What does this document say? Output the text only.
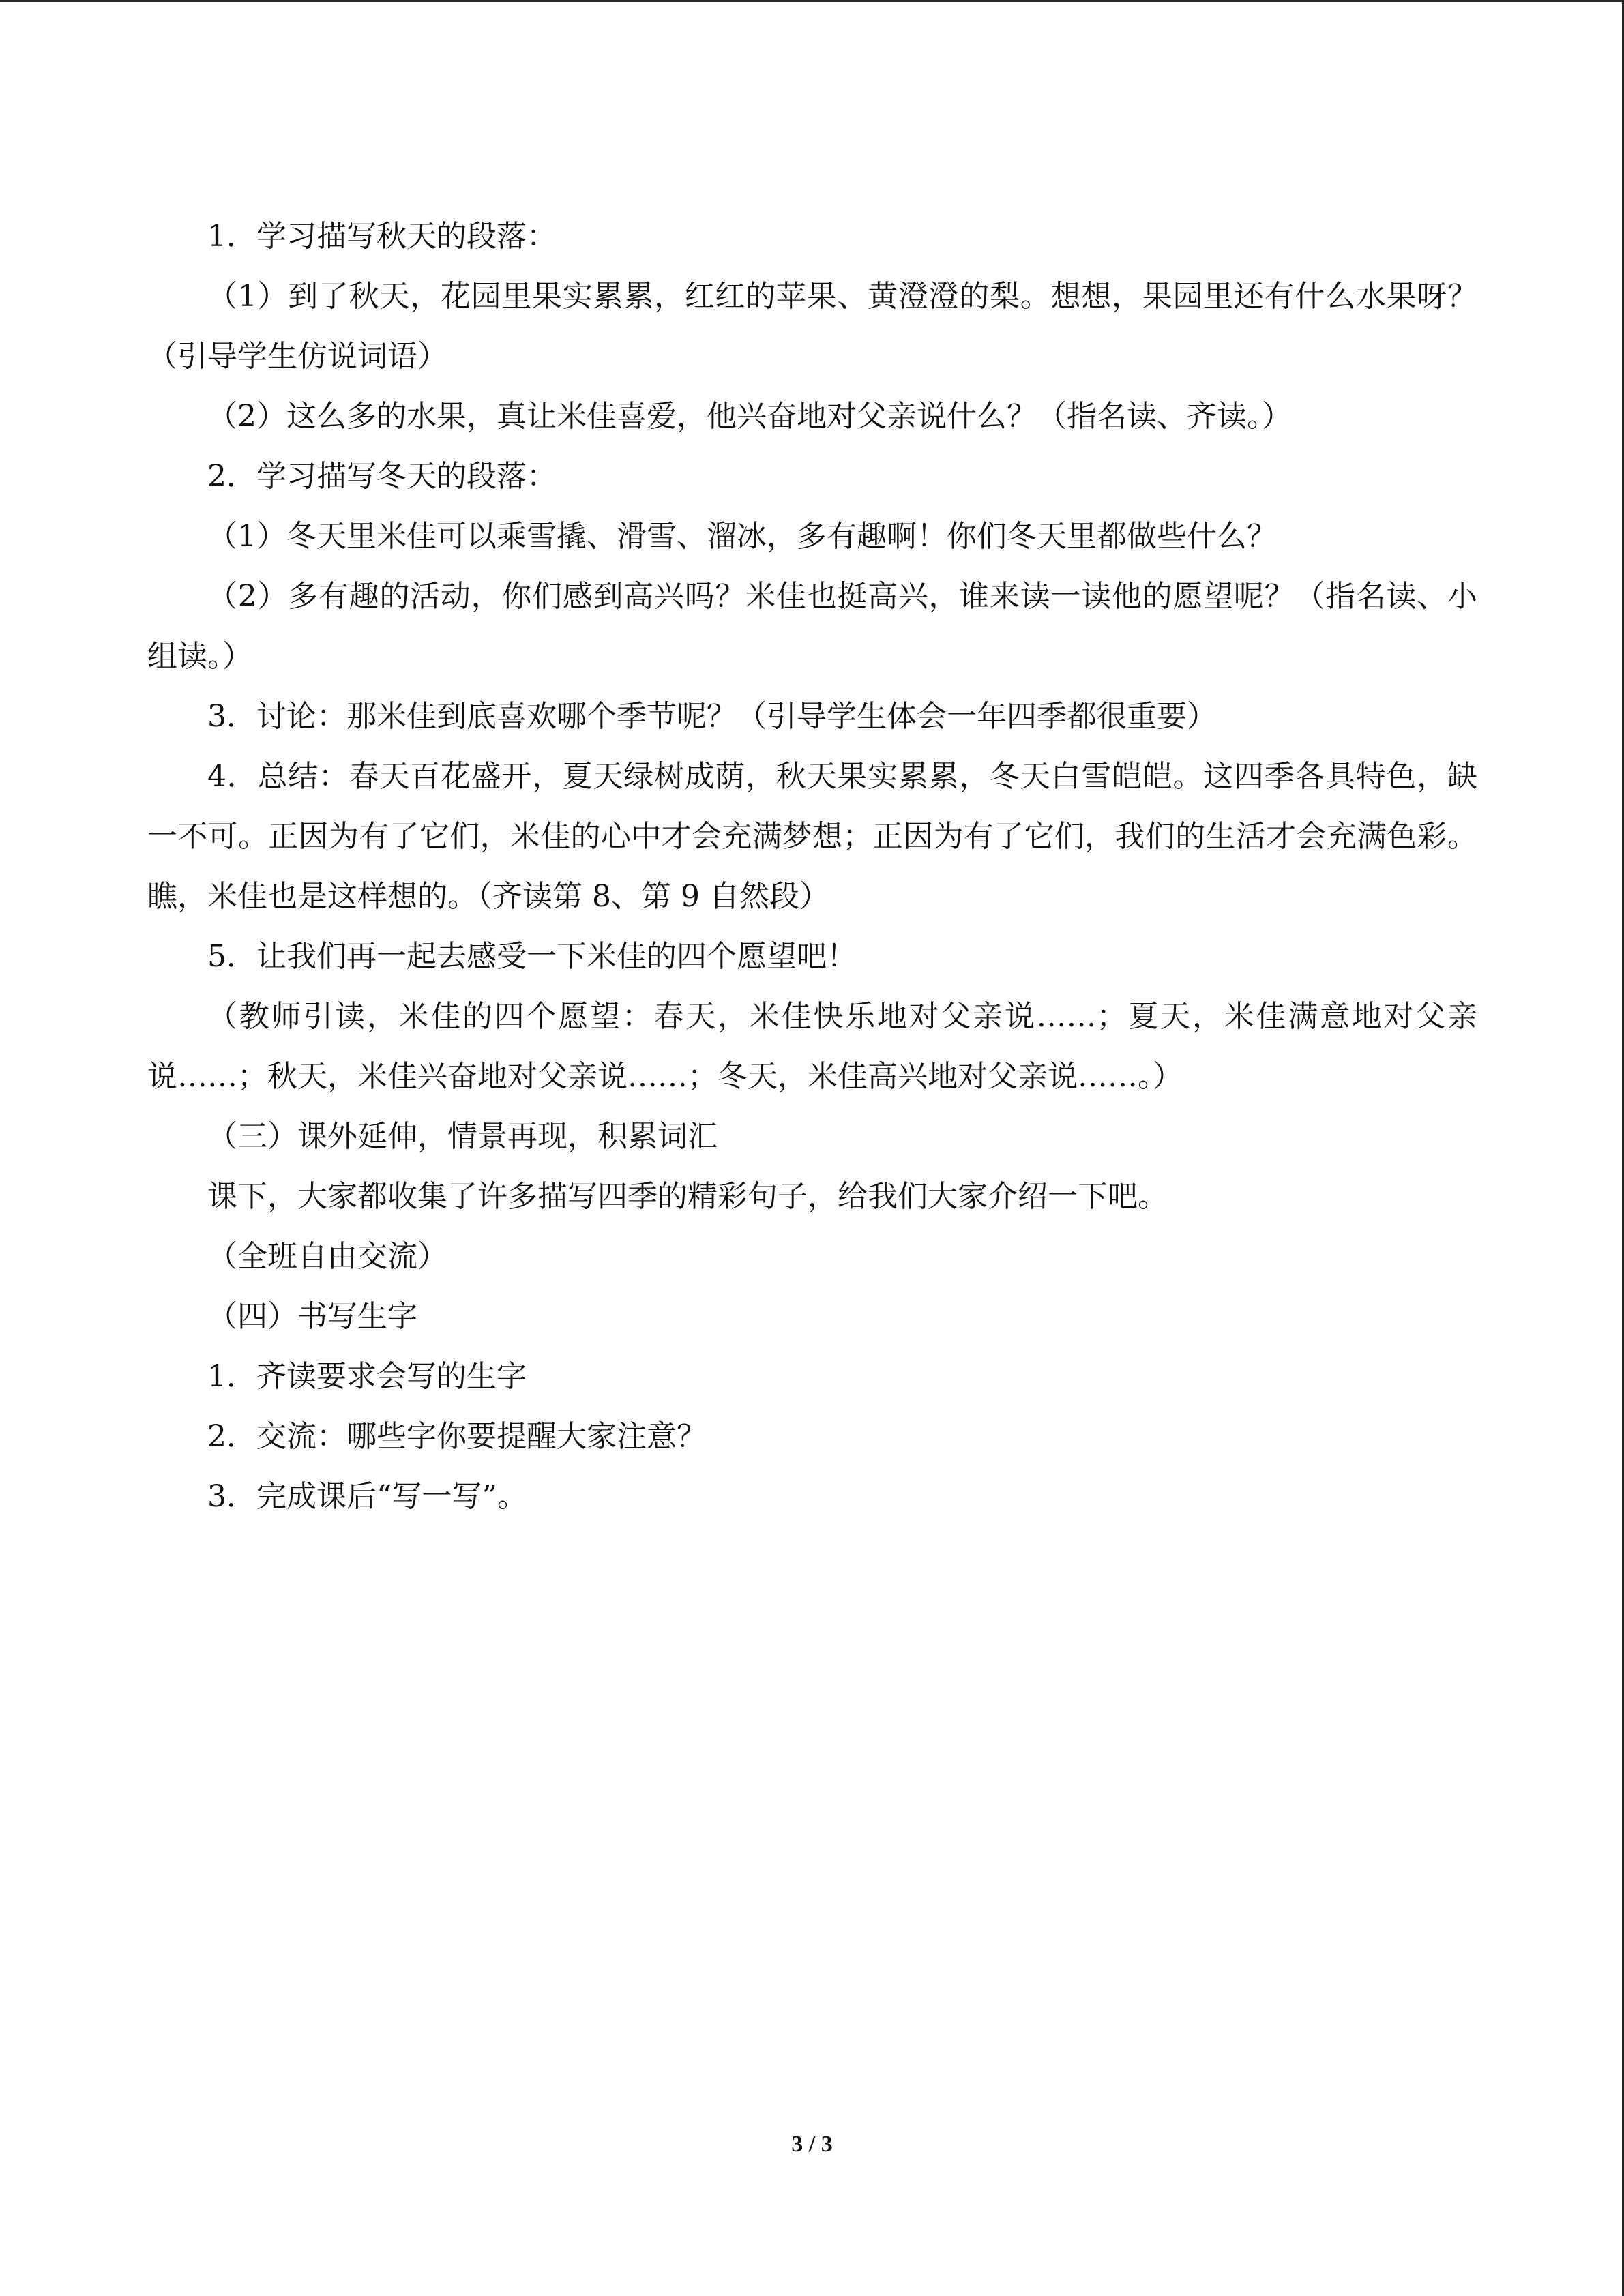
1．学习描写秋天的段落：

（1）到了秋天，花园里果实累累，红红的苹果、黄澄澄的梨。想想，果园里还有什么水果呀？（引导学生仿说词语）

（2）这么多的水果，真让米佳喜爱，他兴奋地对父亲说什么？（指名读、齐读。）

2．学习描写冬天的段落：

（1）冬天里米佳可以乘雪撬、滑雪、溜冰，多有趣啊！你们冬天里都做些什么？

（2）多有趣的活动，你们感到高兴吗？米佳也挺高兴，谁来读一读他的愿望呢？（指名读、小组读。）

3．讨论：那米佳到底喜欢哪个季节呢？（引导学生体会一年四季都很重要）

4．总结：春天百花盛开，夏天绿树成荫，秋天果实累累，冬天白雪皑皑。这四季各具特色，缺一不可。正因为有了它们，米佳的心中才会充满梦想；正因为有了它们，我们的生活才会充满色彩。瞧，米佳也是这样想的。（齐读第 8、第 9 自然段）

5．让我们再一起去感受一下米佳的四个愿望吧！

（教师引读，米佳的四个愿望：春天，米佳快乐地对父亲说……；夏天，米佳满意地对父亲说……；秋天，米佳兴奋地对父亲说……；冬天，米佳高兴地对父亲说……。）

（三）课外延伸，情景再现，积累词汇

课下，大家都收集了许多描写四季的精彩句子，给我们大家介绍一下吧。

（全班自由交流）

（四）书写生字

1．齐读要求会写的生字

2．交流：哪些字你要提醒大家注意？

3．完成课后“写一写”。

3 / 3
